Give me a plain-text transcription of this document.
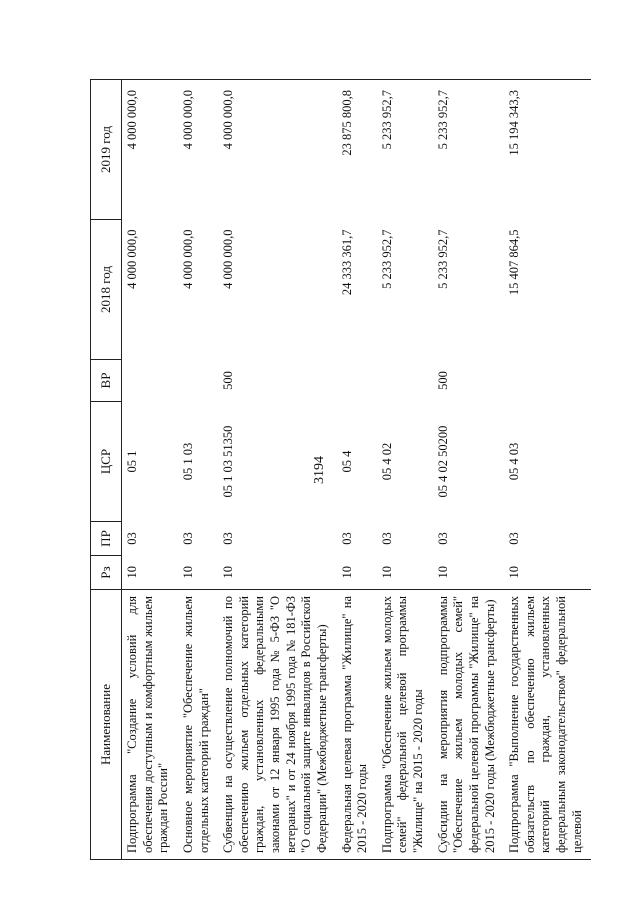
3194
Наименование	Рз	ПР	ЦСР	ВР	2018 год	2019 год
Подпрограмма "Создание условий для обеспечения доступным и комфортным жильем граждан России"	10	03	05 1		4 000 000,0	4 000 000,0
Основное мероприятие "Обеспечение жильем отдельных категорий граждан"	10	03	05 1 03		4 000 000,0	4 000 000,0
Субвенции на осуществление полномочий по обеспечению жильем отдельных категорий граждан, установленных федеральными законами от 12 января 1995 года № 5-ФЗ "О ветеранах" и от 24 ноября 1995 года № 181-ФЗ "О социальной защите инвалидов в Российской Федерации" (Межбюджетные трансферты)	10	03	05 1 03 51350	500	4 000 000,0	4 000 000,0
Федеральная целевая программа "Жилище" на 2015 - 2020 годы	10	03	05 4		24 333 361,7	23 875 800,8
Подпрограмма "Обеспечение жильем молодых семей" федеральной целевой программы "Жилище" на 2015 - 2020 годы	10	03	05 4 02		5 233 952,7	5 233 952,7
Субсидии на мероприятия подпрограммы "Обеспечение жильем молодых семей" федеральной целевой программы "Жилище" на 2015 - 2020 годы (Межбюджетные трансферты)	10	03	05 4 02 50200	500	5 233 952,7	5 233 952,7
Подпрограмма "Выполнение государственных обязательств по обеспечению жильем категорий граждан, установленных федеральным законодательством" федеральной целевой	10	03	05 4 03		15 407 864,5	15 194 343,3
